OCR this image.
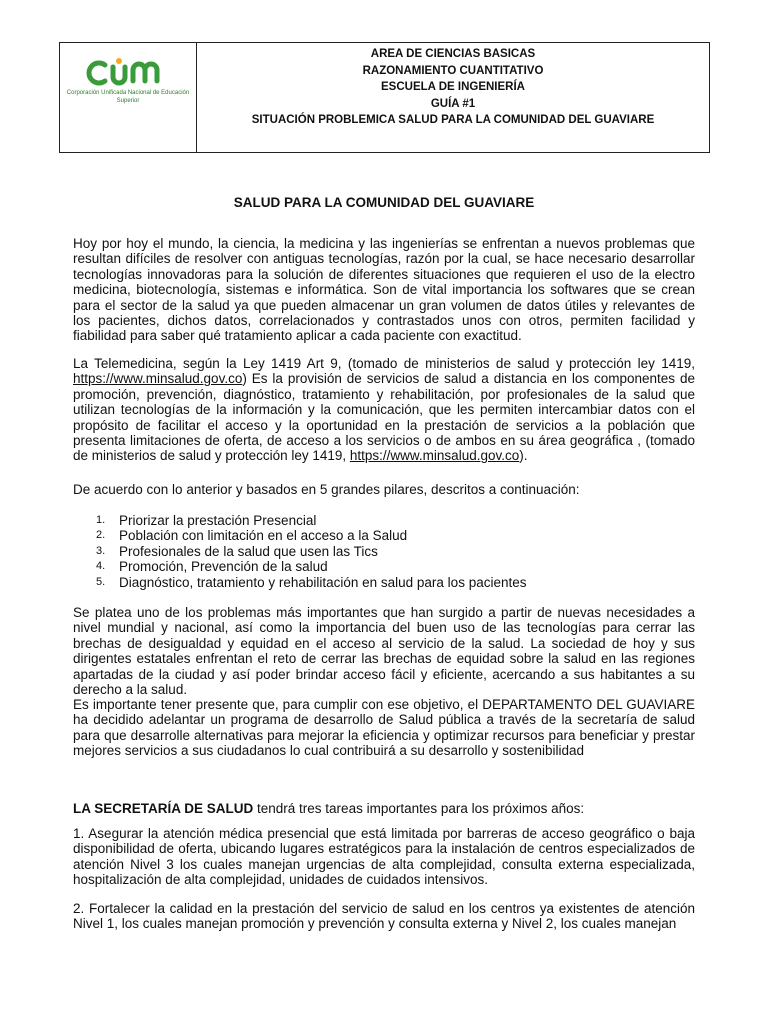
Corporación Unificada Nacional de Educación Superior
AREA DE CIENCIAS BASICAS
RAZONAMIENTO CUANTITATIVO
ESCUELA DE INGENIERÍA
GUÍA #1
SITUACIÓN PROBLEMICA SALUD PARA LA COMUNIDAD DEL GUAVIARE
SALUD PARA LA COMUNIDAD DEL GUAVIARE

Hoy por hoy el mundo, la ciencia, la medicina y las ingenierías se enfrentan a nuevos problemas que resultan difíciles de resolver con antiguas tecnologías, razón por la cual, se hace necesario desarrollar tecnologías innovadoras para la solución de diferentes situaciones que requieren el uso de la electro medicina, biotecnología, sistemas e informática. Son de vital importancia los softwares que se crean para el sector de la salud ya que pueden almacenar un gran volumen de datos útiles y relevantes de los pacientes, dichos datos, correlacionados y contrastados unos con otros, permiten facilidad y fiabilidad para saber qué tratamiento aplicar a cada paciente con exactitud.

La Telemedicina, según la Ley 1419 Art 9, (tomado de ministerios de salud y protección ley 1419, https://www.minsalud.gov.co) Es la provisión de servicios de salud a distancia en los componentes de promoción, prevención, diagnóstico, tratamiento y rehabilitación, por profesionales de la salud que utilizan tecnologías de la información y la comunicación, que les permiten intercambiar datos con el propósito de facilitar el acceso y la oportunidad en la prestación de servicios a la población que presenta limitaciones de oferta, de acceso a los servicios o de ambos en su área geográfica , (tomado de ministerios de salud y protección ley 1419, https://www.minsalud.gov.co).

De acuerdo con lo anterior y basados en 5 grandes pilares, descritos a continuación:

1.	Priorizar la prestación Presencial
2.	Población con limitación en el acceso a la Salud
3.	Profesionales de la salud que usen las Tics
4.	Promoción, Prevención de la salud
5.	Diagnóstico, tratamiento y rehabilitación en salud para los pacientes

Se platea uno de los problemas más importantes que han surgido a partir de nuevas necesidades a nivel mundial y nacional, así como la importancia del buen uso de las tecnologías para cerrar las brechas de desigualdad y equidad en el acceso al servicio de la salud. La sociedad de hoy y sus dirigentes estatales enfrentan el reto de cerrar las brechas de equidad sobre la salud en las regiones apartadas de la ciudad y así poder brindar acceso fácil y eficiente, acercando a sus habitantes a su derecho a la salud.

Es importante tener presente que, para cumplir con ese objetivo, el DEPARTAMENTO DEL GUAVIARE ha decidido adelantar un programa de desarrollo de Salud pública a través de la secretaría de salud para que desarrolle alternativas para mejorar la eficiencia y optimizar recursos para beneficiar y prestar mejores servicios a sus ciudadanos lo cual contribuirá a su desarrollo y sostenibilidad

LA SECRETARÍA DE SALUD tendrá tres tareas importantes para los próximos años:

1. Asegurar la atención médica presencial que está limitada por barreras de acceso geográfico o baja disponibilidad de oferta, ubicando lugares estratégicos para la instalación de centros especializados de atención Nivel 3 los cuales manejan urgencias de alta complejidad, consulta externa especializada, hospitalización de alta complejidad, unidades de cuidados intensivos.

2. Fortalecer la calidad en la prestación del servicio de salud en los centros ya existentes de atención Nivel 1, los cuales manejan promoción y prevención y consulta externa y Nivel 2, los cuales manejan
